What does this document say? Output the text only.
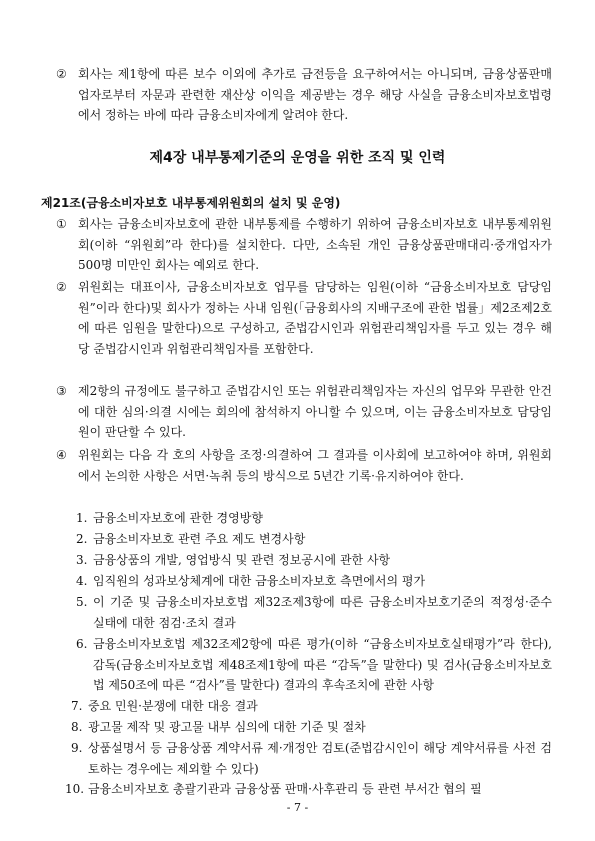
② 회사는 제1항에 따른 보수 이외에 추가로 금전등을 요구하여서는 아니되며, 금융상품판매업자로부터 자문과 관련한 재산상 이익을 제공받는 경우 해당 사실을 금융소비자보호법령에서 정하는 바에 따라 금융소비자에게 알려야 한다.
제4장 내부통제기준의 운영을 위한 조직 및 인력
제21조(금융소비자보호 내부통제위원회의 설치 및 운영)
① 회사는 금융소비자보호에 관한 내부통제를 수행하기 위하여 금융소비자보호 내부통제위원회(이하 “위원회”라 한다)를 설치한다. 다만, 소속된 개인 금융상품판매대리·중개업자가 500명 미만인 회사는 예외로 한다.
② 위원회는 대표이사, 금융소비자보호 업무를 담당하는 임원(이하 “금융소비자보호 담당임원”이라 한다)및 회사가 정하는 사내 임원(「금융회사의 지배구조에 관한 법률」제2조제2호에 따른 임원을 말한다)으로 구성하고, 준법감시인과 위험관리책임자를 두고 있는 경우 해당 준법감시인과 위험관리책임자를 포함한다.
③ 제2항의 규정에도 불구하고 준법감시인 또는 위험관리책임자는 자신의 업무와 무관한 안건에 대한 심의·의결 시에는 회의에 참석하지 아니할 수 있으며, 이는 금융소비자보호 담당임원이 판단할 수 있다.
④ 위원회는 다음 각 호의 사항을 조정·의결하여 그 결과를 이사회에 보고하여야 하며, 위원회에서 논의한 사항은 서면·녹취 등의 방식으로 5년간 기록·유지하여야 한다.
1. 금융소비자보호에 관한 경영방향
2. 금융소비자보호 관련 주요 제도 변경사항
3. 금융상품의 개발, 영업방식 및 관련 정보공시에 관한 사항
4. 임직원의 성과보상체계에 대한 금융소비자보호 측면에서의 평가
5. 이 기준 및 금융소비자보호법 제32조제3항에 따른 금융소비자보호기준의 적정성·준수실태에 대한 점검·조치 결과
6. 금융소비자보호법 제32조제2항에 따른 평가(이하 “금융소비자보호실태평가”라 한다), 감독(금융소비자보호법 제48조제1항에 따른 “감독”을 말한다) 및 검사(금융소비자보호법 제50조에 따른 “검사”를 말한다) 결과의 후속조치에 관한 사항
7. 중요 민원·분쟁에 대한 대응 결과
8. 광고물 제작 및 광고물 내부 심의에 대한 기준 및 절차
9. 상품설명서 등 금융상품 계약서류 제·개정안 검토(준법감시인이 해당 계약서류를 사전 검토하는 경우에는 제외할 수 있다)
10. 금융소비자보호 총괄기관과 금융상품 판매·사후관리 등 관련 부서간 협의 필
- 7 -
